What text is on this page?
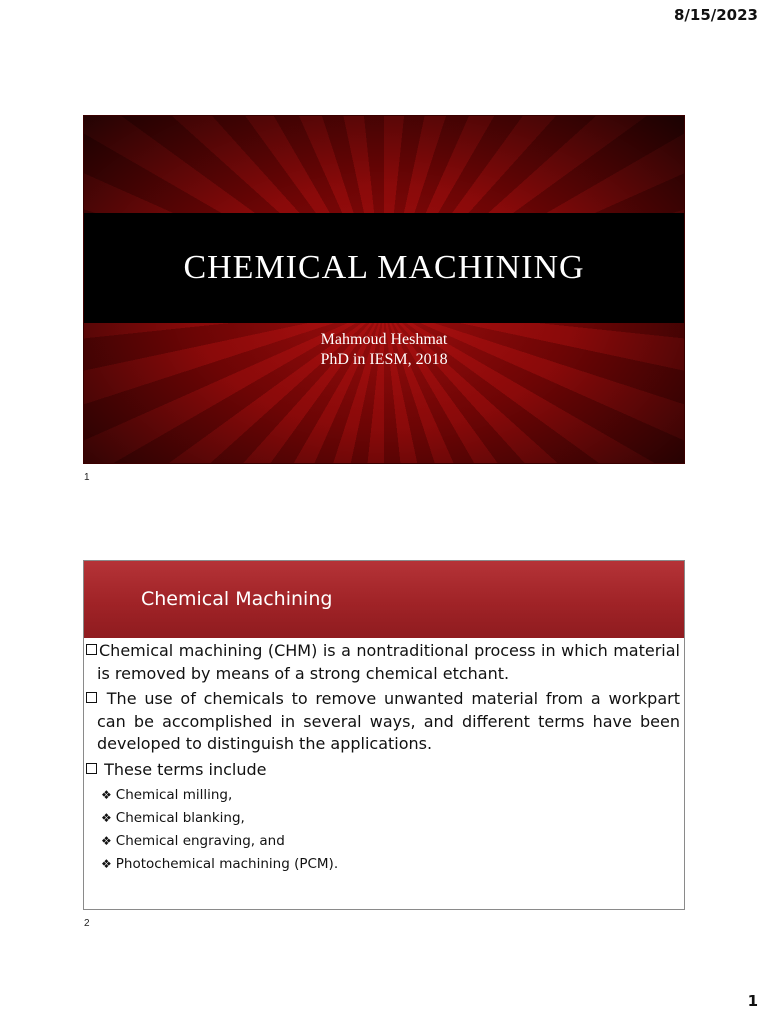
8/15/2023
CHEMICAL MACHINING
Mahmoud Heshmat
PhD in IESM, 2018
1
Chemical Machining

Chemical machining (CHM) is a nontraditional process in which material is removed by means of a strong chemical etchant.

The use of chemicals to remove unwanted material from a workpart can be accomplished in several ways, and different terms have been developed to distinguish the applications.

These terms include

❖ Chemical milling,

❖ Chemical blanking,

❖ Chemical engraving, and

❖ Photochemical machining (PCM).

2
1
